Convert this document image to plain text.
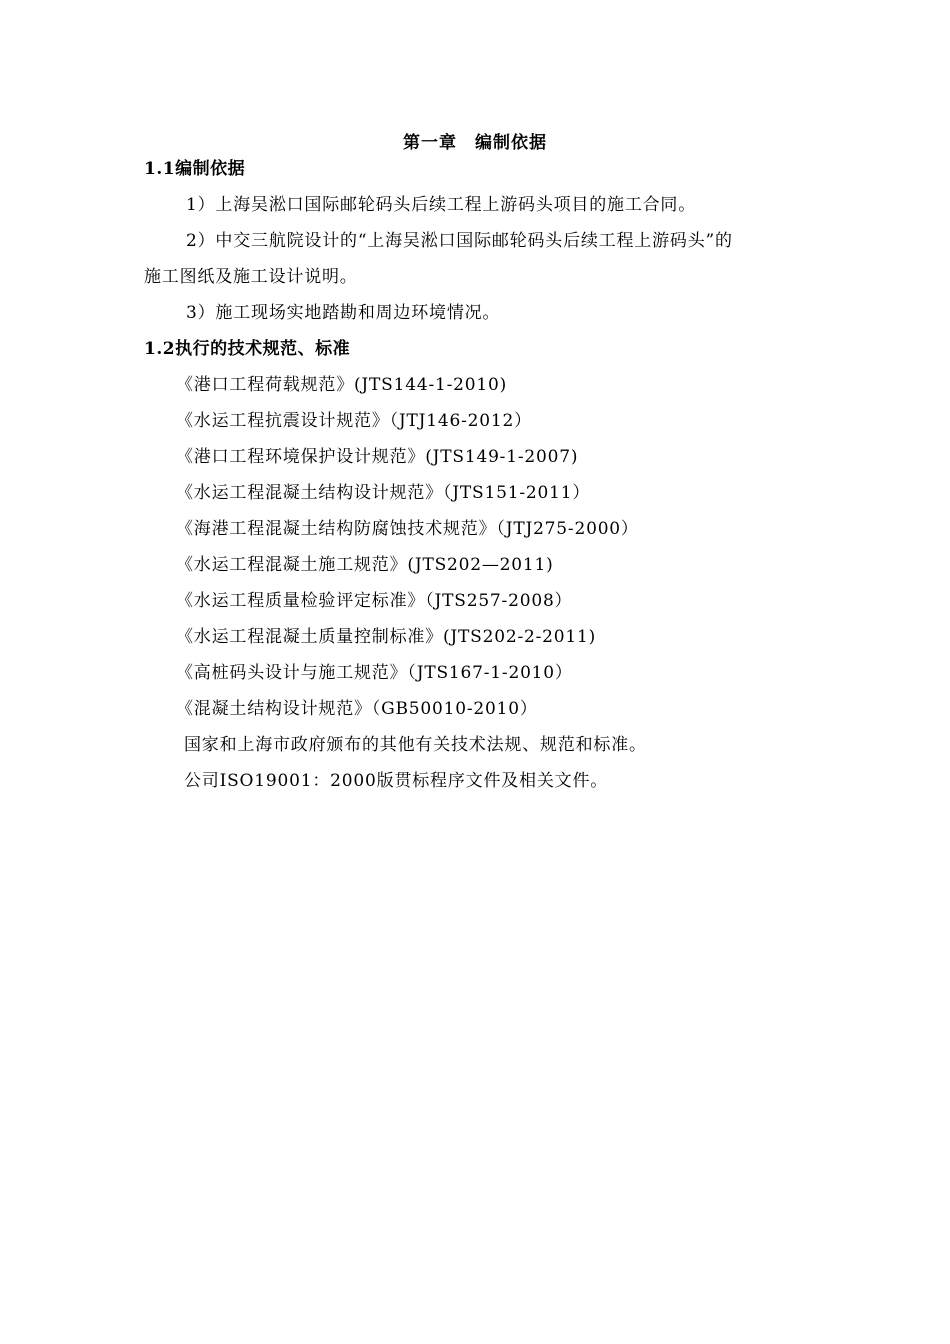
第一章　编制依据
1.1编制依据
1）上海吴淞口国际邮轮码头后续工程上游码头项目的施工合同。
2）中交三航院设计的“上海吴淞口国际邮轮码头后续工程上游码头”的
施工图纸及施工设计说明。
3）施工现场实地踏勘和周边环境情况。
1.2执行的技术规范、标准
《港口工程荷载规范》(JTS144-1-2010)
《水运工程抗震设计规范》（JTJ146-2012）
《港口工程环境保护设计规范》(JTS149-1-2007)
《水运工程混凝土结构设计规范》（JTS151-2011）
《海港工程混凝土结构防腐蚀技术规范》（JTJ275-2000）
《水运工程混凝土施工规范》(JTS202—2011)
《水运工程质量检验评定标准》（JTS257-2008）
《水运工程混凝土质量控制标准》(JTS202-2-2011)
《高桩码头设计与施工规范》（JTS167-1-2010）
《混凝土结构设计规范》（GB50010-2010）
国家和上海市政府颁布的其他有关技术法规、规范和标准。
公司ISO19001：2000版贯标程序文件及相关文件。
